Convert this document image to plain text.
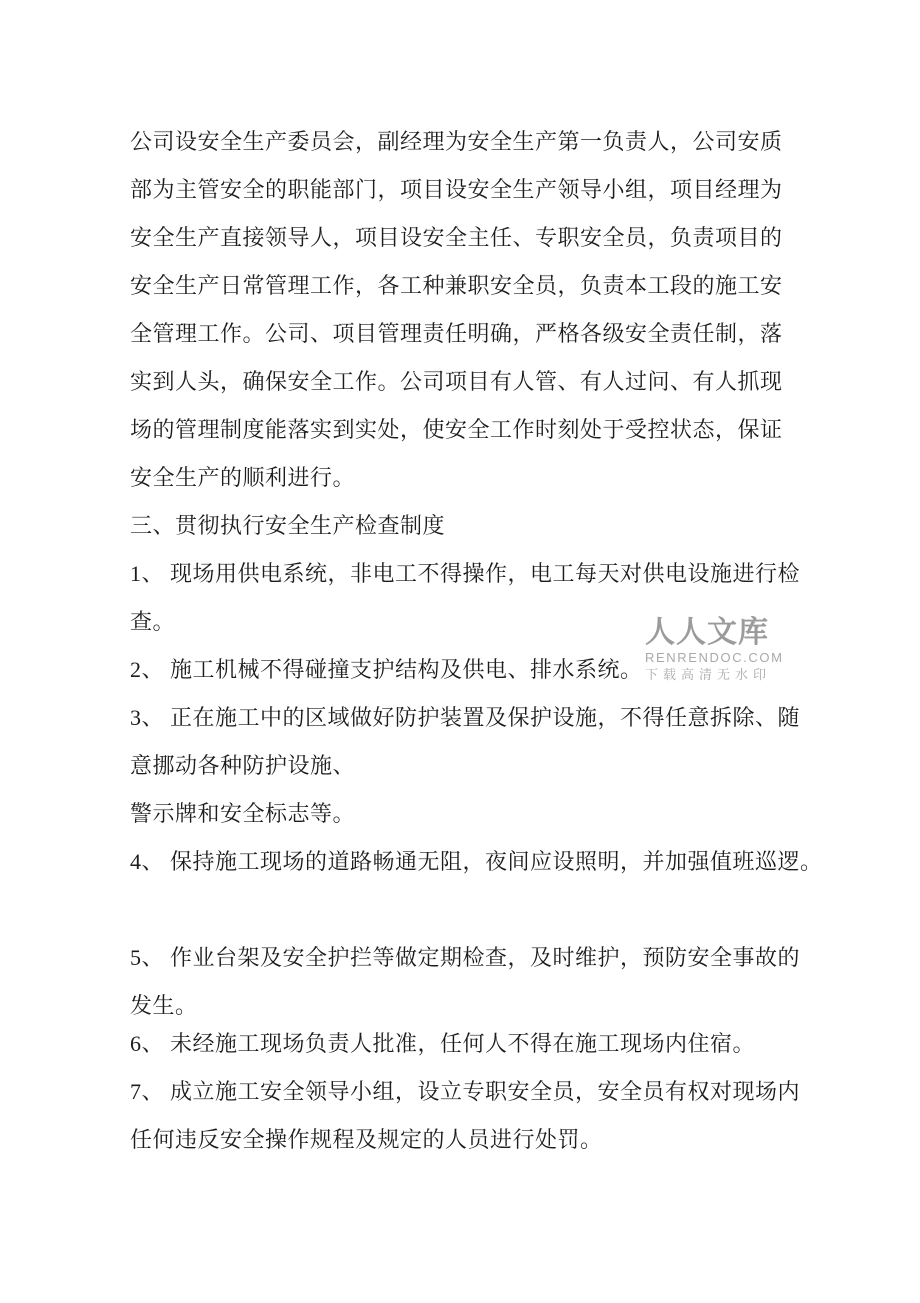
公司设安全生产委员会，副经理为安全生产第一负责人，公司安质
部为主管安全的职能部门，项目设安全生产领导小组，项目经理为
安全生产直接领导人，项目设安全主任、专职安全员，负责项目的
安全生产日常管理工作，各工种兼职安全员，负责本工段的施工安
全管理工作。公司、项目管理责任明确，严格各级安全责任制，落
实到人头，确保安全工作。公司项目有人管、有人过问、有人抓现
场的管理制度能落实到实处，使安全工作时刻处于受控状态，保证
安全生产的顺利进行。
三、贯彻执行安全生产检查制度
1、 现场用供电系统，非电工不得操作，电工每天对供电设施进行检
查。
2、 施工机械不得碰撞支护结构及供电、排水系统。
3、 正在施工中的区域做好防护装置及保护设施，不得任意拆除、随
意挪动各种防护设施、
警示牌和安全标志等。
4、 保持施工现场的道路畅通无阻，夜间应设照明，并加强值班巡逻。
5、 作业台架及安全护拦等做定期检查，及时维护，预防安全事故的
发生。
6、 未经施工现场负责人批准，任何人不得在施工现场内住宿。
7、 成立施工安全领导小组，设立专职安全员，安全员有权对现场内
任何违反安全操作规程及规定的人员进行处罚。
人人文库
RENRENDOC.COM
下载高清无水印
